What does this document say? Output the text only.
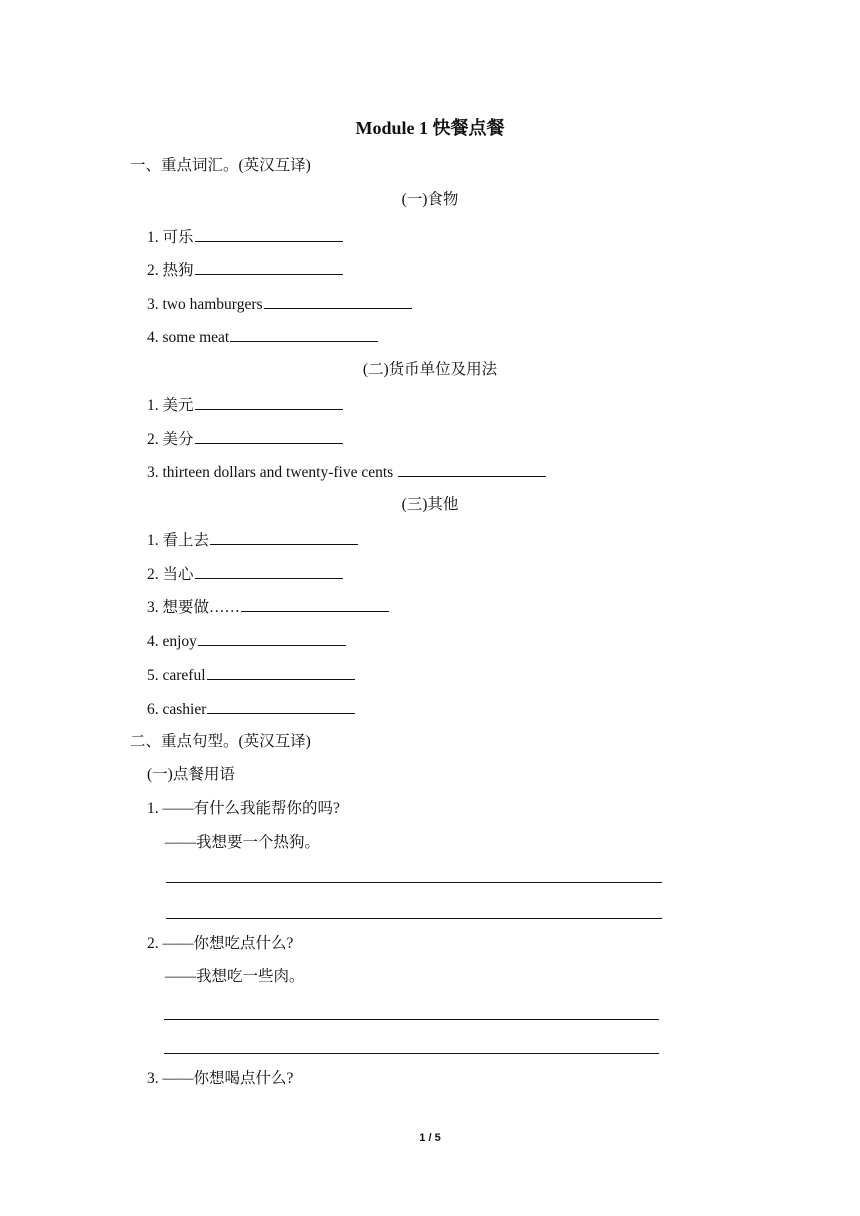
Module 1 快餐点餐
一、重点词汇。(英汉互译)
(一)食物
1. 可乐
2. 热狗
3. two hamburgers
4. some meat
(二)货币单位及用法
1. 美元
2. 美分
3. thirteen dollars and twenty-five cents
(三)其他
1. 看上去
2. 当心
3. 想要做……
4. enjoy
5. careful
6. cashier
二、重点句型。(英汉互译)
(一)点餐用语
1. ——有什么我能帮你的吗?
——我想要一个热狗。
2. ——你想吃点什么?
——我想吃一些肉。
3. ——你想喝点什么?
1 / 5
